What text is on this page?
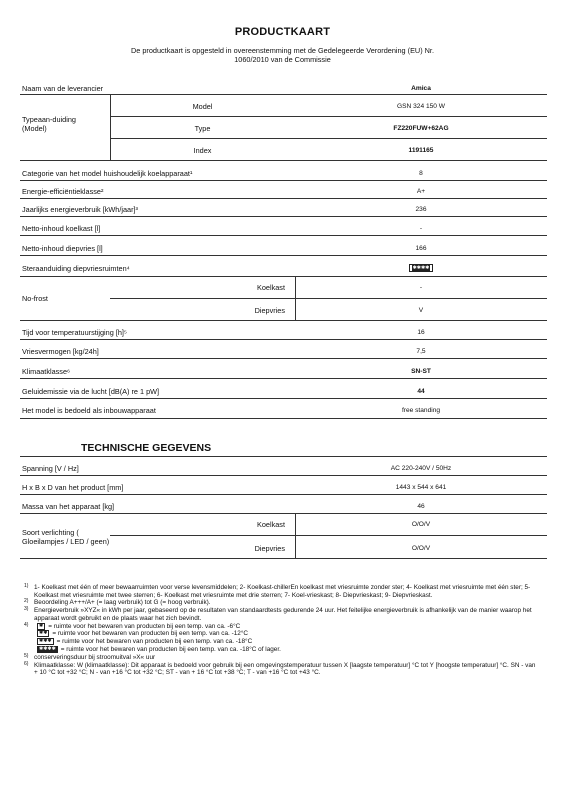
PRODUCTKAART
De productkaart is opgesteld in overeenstemming met de Gedelegeerde Verordening (EU) Nr. 1060/2010 van de Commissie
Naam van de leverancier	Amica
Typeaan-duiding (Model)
Model	GSN 324 150 W
Type	FZ220FUW+62AG
Index	1191165
Categorie van het model huishoudelijk koelapparaat¹	8
Energie-efficiëntieklasse²	A+
Jaarlijks energieverbruik [kWh/jaar]³	236
Netto-inhoud koelkast [l]	-
Netto-inhoud diepvries [l]	166
Steraanduiding diepvriesruimten⁴	✱✱✱✱
No-frost
Koelkast	-
Diepvries	V
Tijd voor temperatuurstijging [h]⁵	16
Vriesvermogen [kg/24h]	7,5
Klimaatklasse⁶	SN-ST
Geluidemissie via de lucht [dB(A) re 1 pW]	44
Het model is bedoeld als inbouwapparaat	free standing
TECHNISCHE GEGEVENS
Spanning [V / Hz]	AC 220-240V / 50Hz
H x B x D van het product [mm]	1443 x 544 x 641
Massa van het apparaat [kg]	46
Soort verlichting ( Gloeilampjes / LED / geen)
Koelkast	O/O/V
Diepvries	O/O/V
1) 1- Koelkast met één of meer bewaarruimten voor verse levensmiddelen; 2- Koelkast-chillerEn koelkast met vriesruimte zonder ster; 4- Koelkast met vriesruimte met één ster; 5- Koelkast met vriesruimte met twee sterren; 6- Koelkast met vriesruimte met drie sterren; 7- Koel-vrieskast; 8- Diepvrieskast; 9- Diepvrieskast.
2) Beoordeling A+++/A+ (= laag verbruik) tot G (= hoog verbruik).
3) Energieverbruik »XYZ« in kWh per jaar, gebaseerd op de resultaten van standaardtests gedurende 24 uur. Het feitelijke energieverbruik is afhankelijk van de manier waarop het apparaat wordt gebruikt en de plaats waar het zich bevindt.
4) ✱ = ruimte voor het bewaren van producten bij een temp. van ca. -6°C
✱✱ = ruimte voor het bewaren van producten bij een temp. van ca. -12°C
✱✱✱ = ruimte voor het bewaren van producten bij een temp. van ca. -18°C
✱✱✱✱ = ruimte voor het bewaren van producten bij een temp. van ca. -18°C of lager.
5) conserveringsduur bij stroomuitval »X« uur
6) Klimaatklasse: W (klimaatklasse): Dit apparaat is bedoeld voor gebruik bij een omgevingstemperatuur tussen X [laagste temperatuur] °C tot Y [hoogste temperatuur] °C. SN - van + 10 °C tot +32 °C; N - van +16 °C tot +32 °C; ST - van + 16 °C tot +38 °C; T - van +16 °C tot +43 °C.
